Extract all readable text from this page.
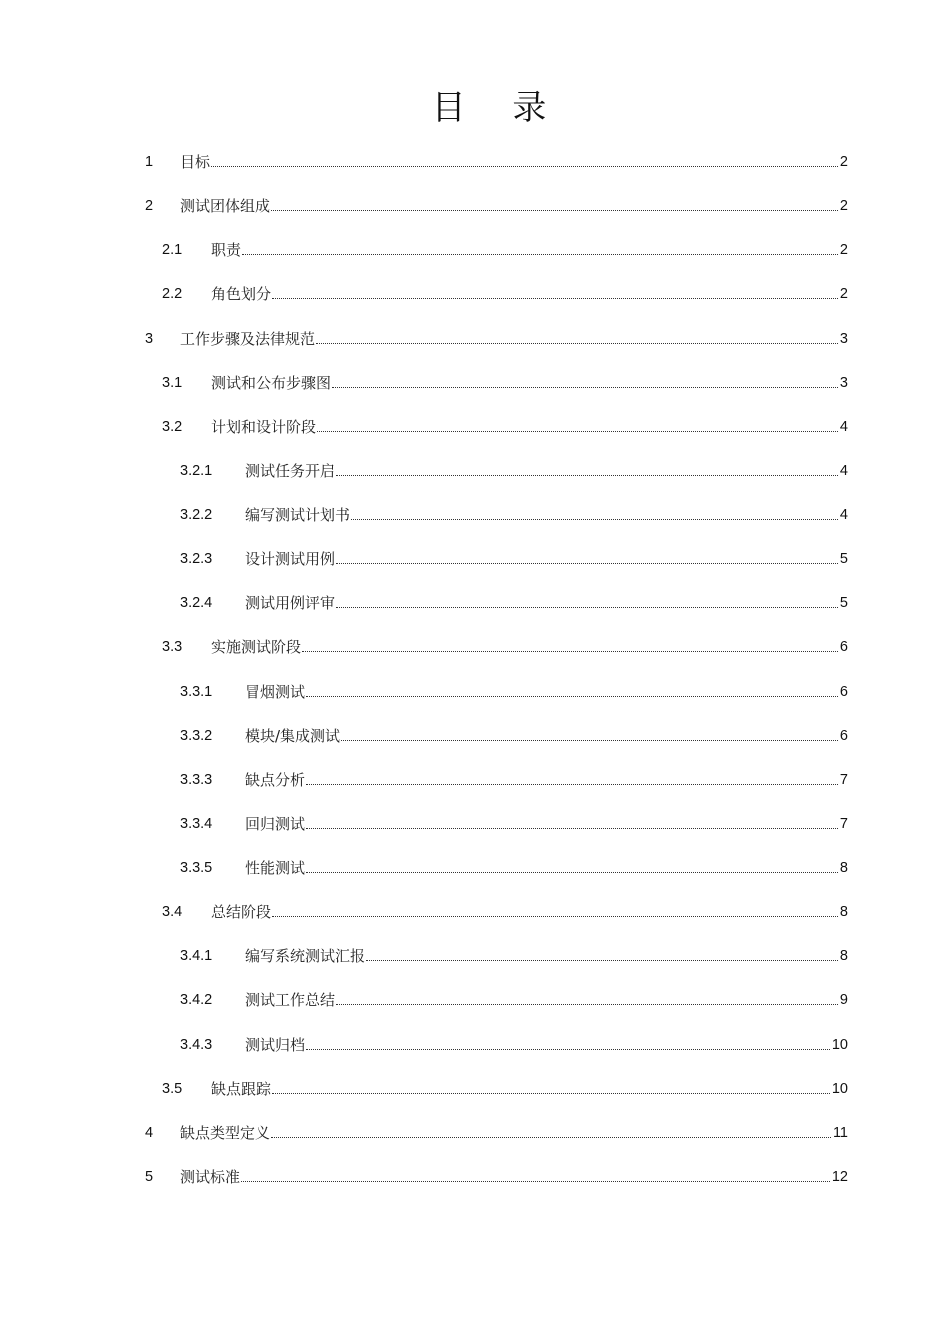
目 录
1	目标	2
2	测试团体组成	2
2.1	职责	2
2.2	角色划分	2
3	工作步骤及法律规范	3
3.1	测试和公布步骤图	3
3.2	计划和设计阶段	4
3.2.1	测试任务开启	4
3.2.2	编写测试计划书	4
3.2.3	设计测试用例	5
3.2.4	测试用例评审	5
3.3	实施测试阶段	6
3.3.1	冒烟测试	6
3.3.2	模块/集成测试	6
3.3.3	缺点分析	7
3.3.4	回归测试	7
3.3.5	性能测试	8
3.4	总结阶段	8
3.4.1	编写系统测试汇报	8
3.4.2	测试工作总结	9
3.4.3	测试归档	10
3.5	缺点跟踪	10
4	缺点类型定义	11
5	测试标准	12
